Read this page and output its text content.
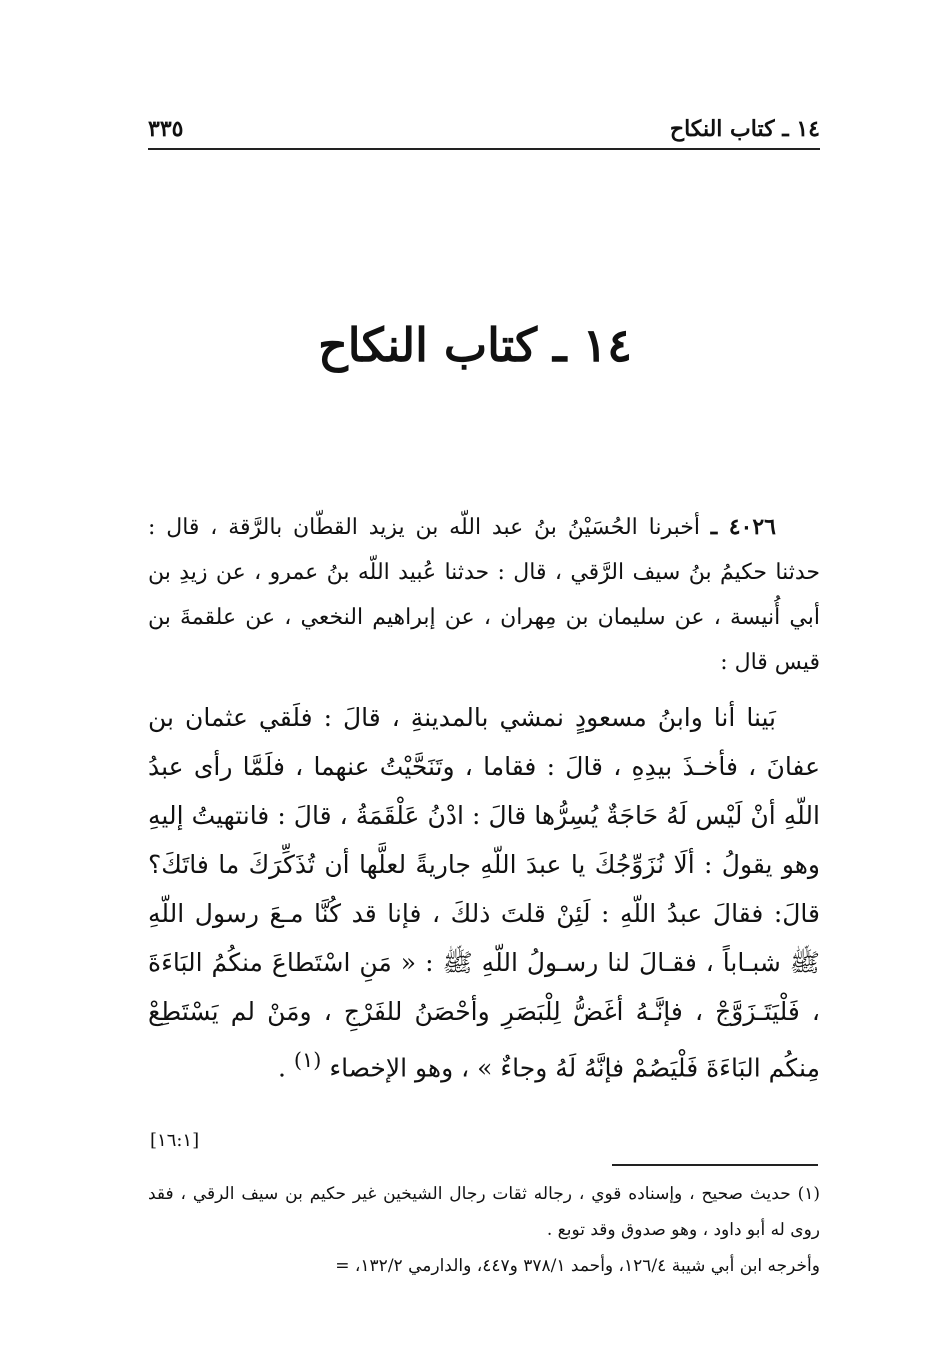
١٤ ـ كتاب النكاح
٣٣٥
١٤ ـ كتاب النكاح

٤٠٢٦ ـ أخبرنا الحُسَيْنُ بنُ عبد اللّه بن يزيد القطّان بالرَّقة ، قال : حدثنا حكيمُ بنُ سيف الرَّقي ، قال : حدثنا عُبيد اللّه بنُ عمرو ، عن زيدِ بن أبي أُنيسة ، عن سليمان بن مِهران ، عن إبراهيم النخعي ، عن علقمةَ بن قيس قال :

بَينا أنا وابنُ مسعودٍ نمشي بالمدينةِ ، قالَ : فلَقي عثمان بن عفانَ ، فأخـذَ بيدِهِ ، قالَ : فقاما ، وتَنَحَّيْتُ عنهما ، فلَمَّا رأى عبدُ اللّهِ أنْ لَيْس لَهُ حَاجَةٌ يُسِرُّها قالَ : ادْنُ عَلْقَمَةُ ، قالَ : فانتهيتُ إليهِ وهو يقولُ : ألَا نُزَوِّجُكَ يا عبدَ اللّهِ جاريةً لعلَّها أن تُذَكِّرَكَ ما فاتَكَ؟ قالَ: فقالَ عبدُ اللّهِ : لَئِنْ قلتَ ذلكَ ، فإنا قد كُنَّا مـعَ رسول اللّهِ ﷺ شبـاباً ، فقـالَ لنا رسـولُ اللّهِ ﷺ : « مَنِ اسْتَطاعَ منكُمُ البَاءَةَ ، فَلْيَتَـزَوَّجْ ، فإنَّـهُ أغَضُّ لِلْبَصَرِ وأحْصَنُ للفَرْجِ ، ومَنْ لم يَسْتَطِعْ مِنكُم البَاءَةَ فَلْيَصُمْ فإنَّهُ لَهُ وجاءٌ » ، وهو الإخصاء $^{(١)}$ .

[١٦:١]

(١) حديث صحيح ، وإسناده قوي ، رجاله ثقات رجال الشيخين غير حكيم بن سيف الرقي ، فقد روى له أبو داود ، وهو صدوق وقد توبع .

وأخرجه ابن أبي شيبة ١٢٦/٤، وأحمد ٣٧٨/١ و٤٤٧، والدارمي ١٣٢/٢، =
